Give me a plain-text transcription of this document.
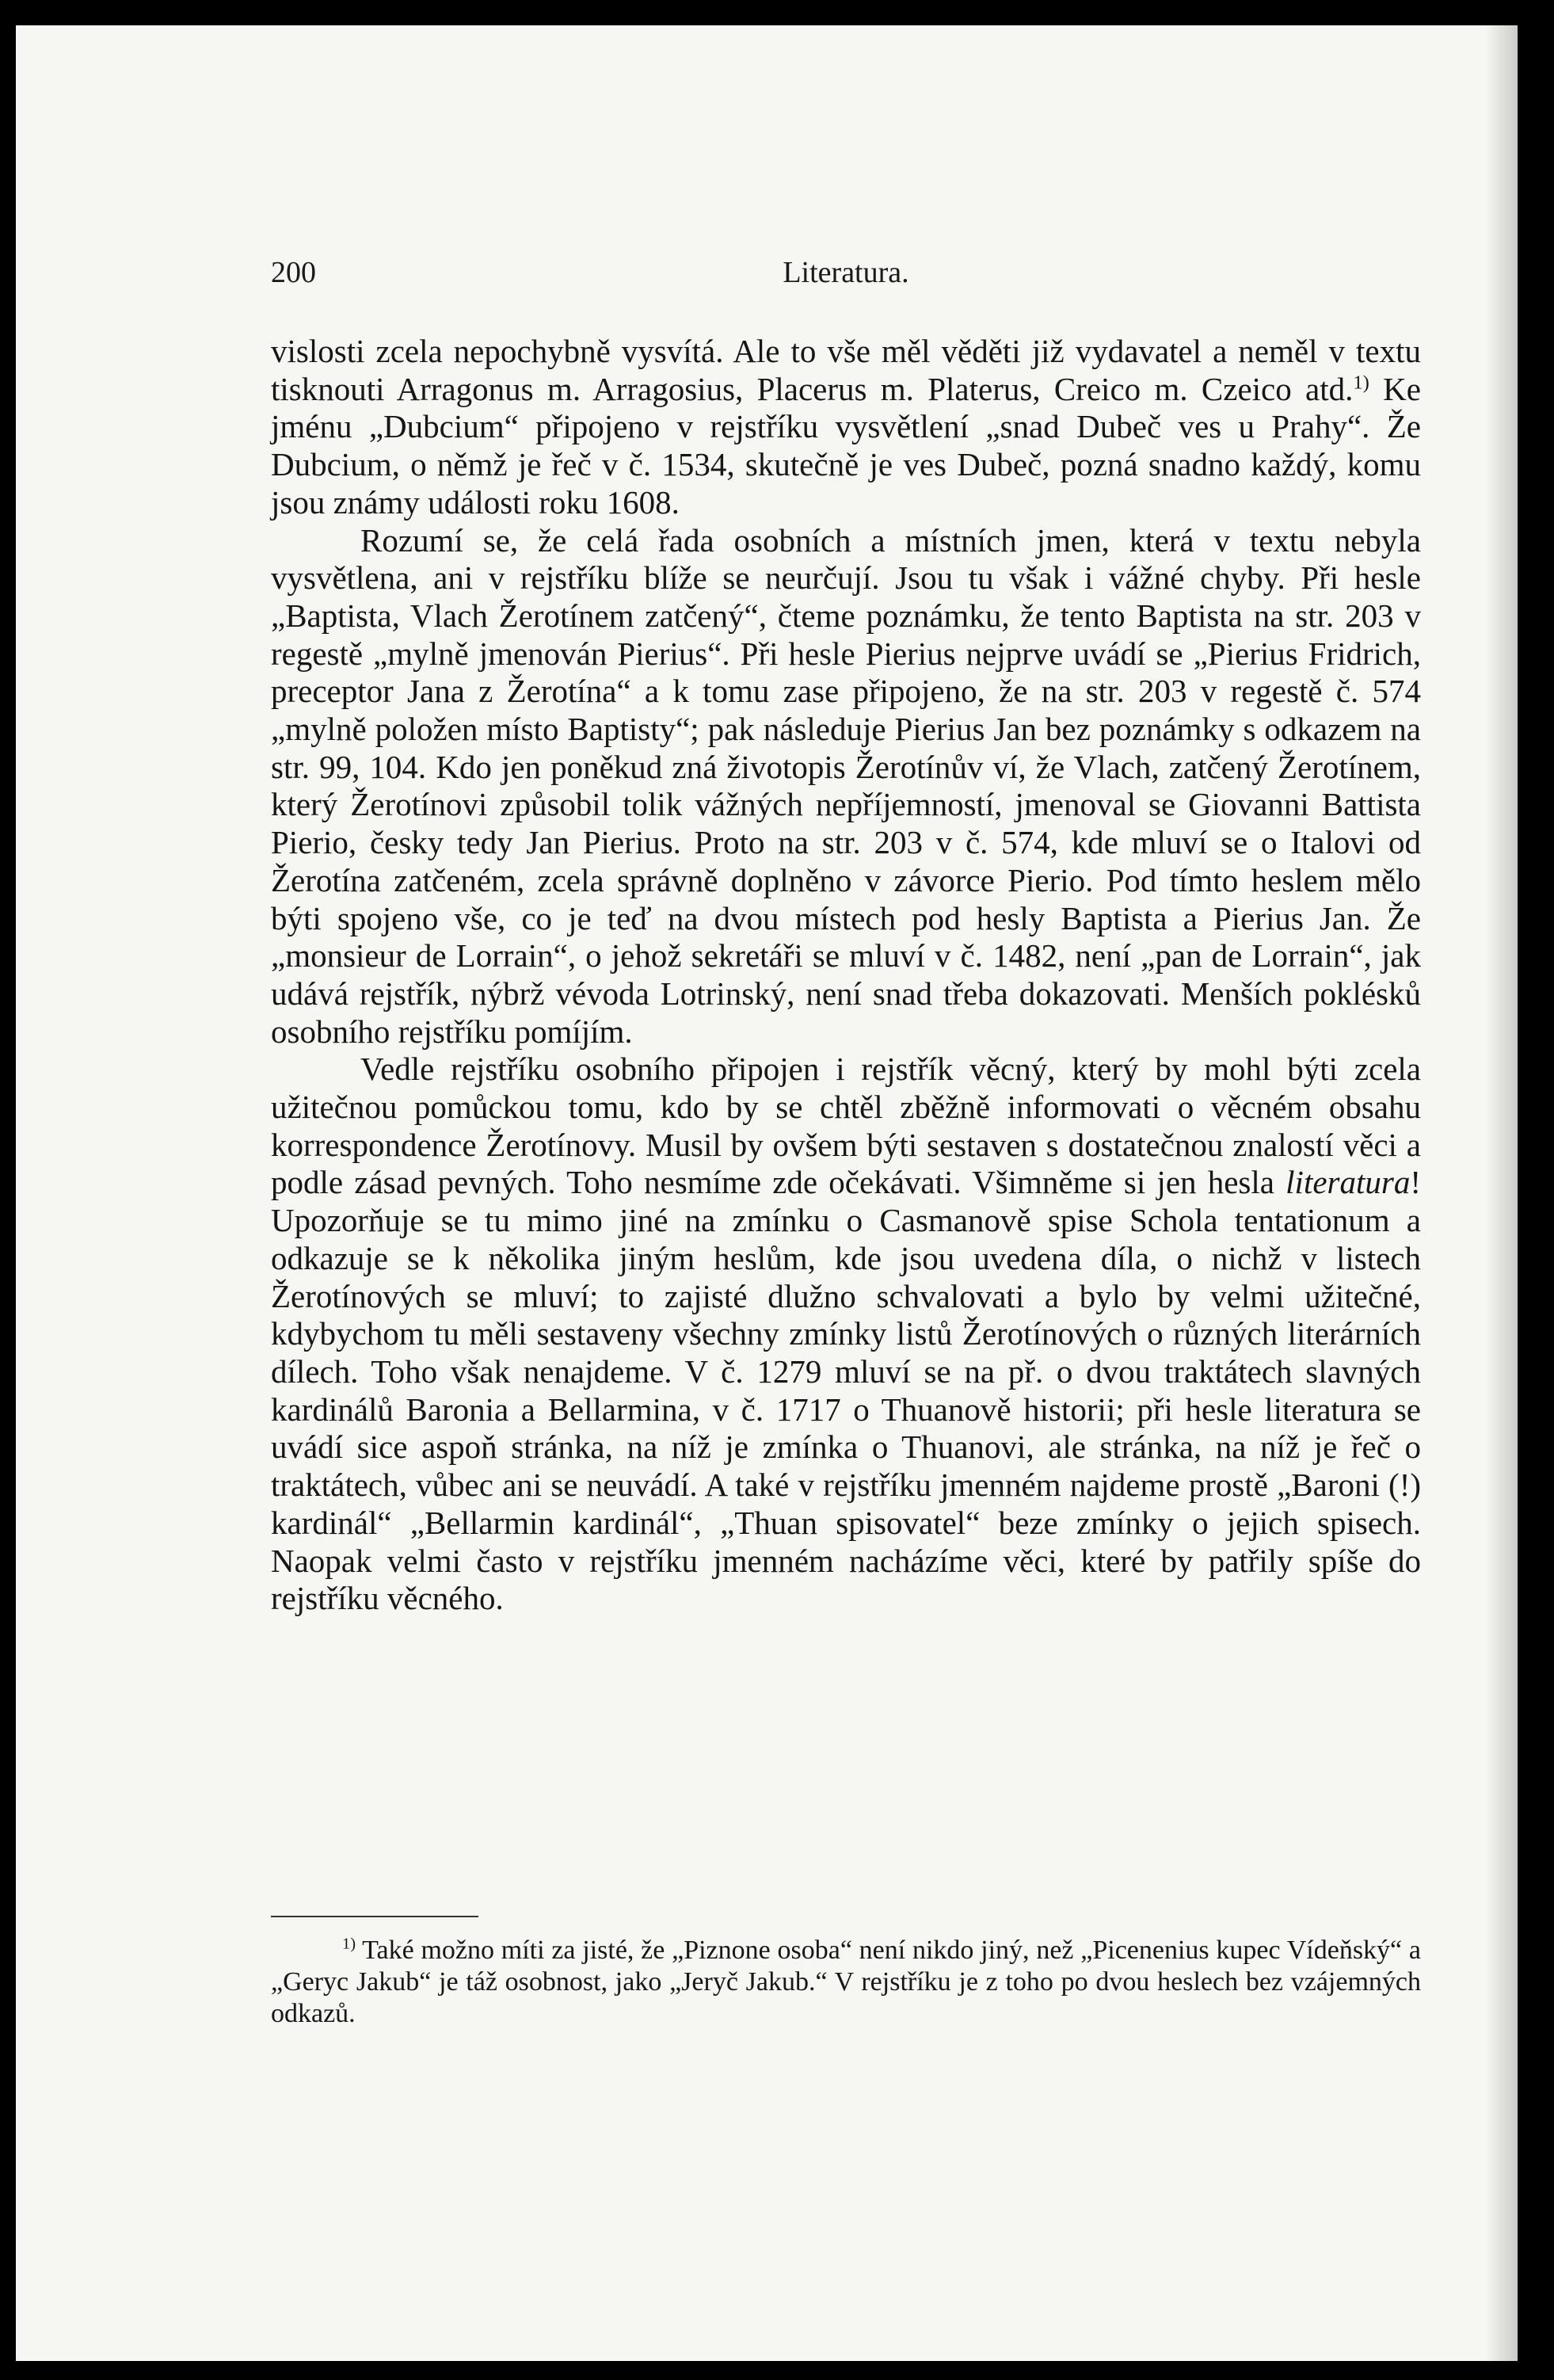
200	Literatura.

vislosti zcela nepochybně vysvítá. Ale to vše měl věděti již vydavatel a neměl v textu tisknouti Arragonus m. Arragosius, Placerus m. Platerus, Creico m. Czeico atd.$^{1)}$ Ke jménu „Dubcium“ připojeno v rejstříku vysvětlení „snad Dubeč ves u Prahy“. Že Dubcium, o němž je řeč v č. 1534, skutečně je ves Dubeč, pozná snadno každý, komu jsou známy události roku 1608.

Rozumí se, že celá řada osobních a místních jmen, která v textu nebyla vysvětlena, ani v rejstříku blíže se neurčují. Jsou tu však i vážné chyby. Při hesle „Baptista, Vlach Žerotínem zatčený“, čteme poznámku, že tento Baptista na str. 203 v regestě „mylně jmenován Pierius“. Při hesle Pierius nejprve uvádí se „Pierius Fridrich, preceptor Jana z Žerotína“ a k tomu zase připojeno, že na str. 203 v regestě č. 574 „mylně položen místo Baptisty“; pak následuje Pierius Jan bez poznámky s odkazem na str. 99, 104. Kdo jen poněkud zná životopis Žerotínův ví, že Vlach, zatčený Žerotínem, který Žerotínovi způsobil tolik vážných nepříjemností, jmenoval se Giovanni Battista Pierio, česky tedy Jan Pierius. Proto na str. 203 v č. 574, kde mluví se o Italovi od Žerotína zatčeném, zcela správně doplněno v závorce Pierio. Pod tímto heslem mělo býti spojeno vše, co je teď na dvou místech pod hesly Baptista a Pierius Jan. Že „monsieur de Lorrain“, o jehož sekretáři se mluví v č. 1482, není „pan de Lorrain“, jak udává rejstřík, nýbrž vévoda Lotrinský, není snad třeba dokazovati. Menších poklésků osobního rejstříku pomíjím.

Vedle rejstříku osobního připojen i rejstřík věcný, který by mohl býti zcela užitečnou pomůckou tomu, kdo by se chtěl zběžně informovati o věcném obsahu korrespondence Žerotínovy. Musil by ovšem býti sestaven s dostatečnou znalostí věci a podle zásad pevných. Toho nesmíme zde očekávati. Všimněme si jen hesla literatura! Upozorňuje se tu mimo jiné na zmínku o Casmanově spise Schola tentationum a odkazuje se k několika jiným heslům, kde jsou uvedena díla, o nichž v listech Žerotínových se mluví; to zajisté dlužno schvalovati a bylo by velmi užitečné, kdybychom tu měli sestaveny všechny zmínky listů Žerotínových o různých literárních dílech. Toho však nenajdeme. V č. 1279 mluví se na př. o dvou traktátech slavných kardinálů Baronia a Bellarmina, v č. 1717 o Thuanově historii; při hesle literatura se uvádí sice aspoň stránka, na níž je zmínka o Thuanovi, ale stránka, na níž je řeč o traktátech, vůbec ani se neuvádí. A také v rejstříku jmenném najdeme prostě „Baroni (!) kardinál“ „Bellarmin kardinál“, „Thuan spisovatel“ beze zmínky o jejich spisech. Naopak velmi často v rejstříku jmenném nacházíme věci, které by patřily spíše do rejstříku věcného.

$^{1)}$ Také možno míti za jisté, že „Piznone osoba“ není nikdo jiný, než „Picenenius kupec Vídeňský“ a „Geryc Jakub“ je táž osobnost, jako „Jeryč Jakub.“ V rejstříku je z toho po dvou heslech bez vzájemných odkazů.
